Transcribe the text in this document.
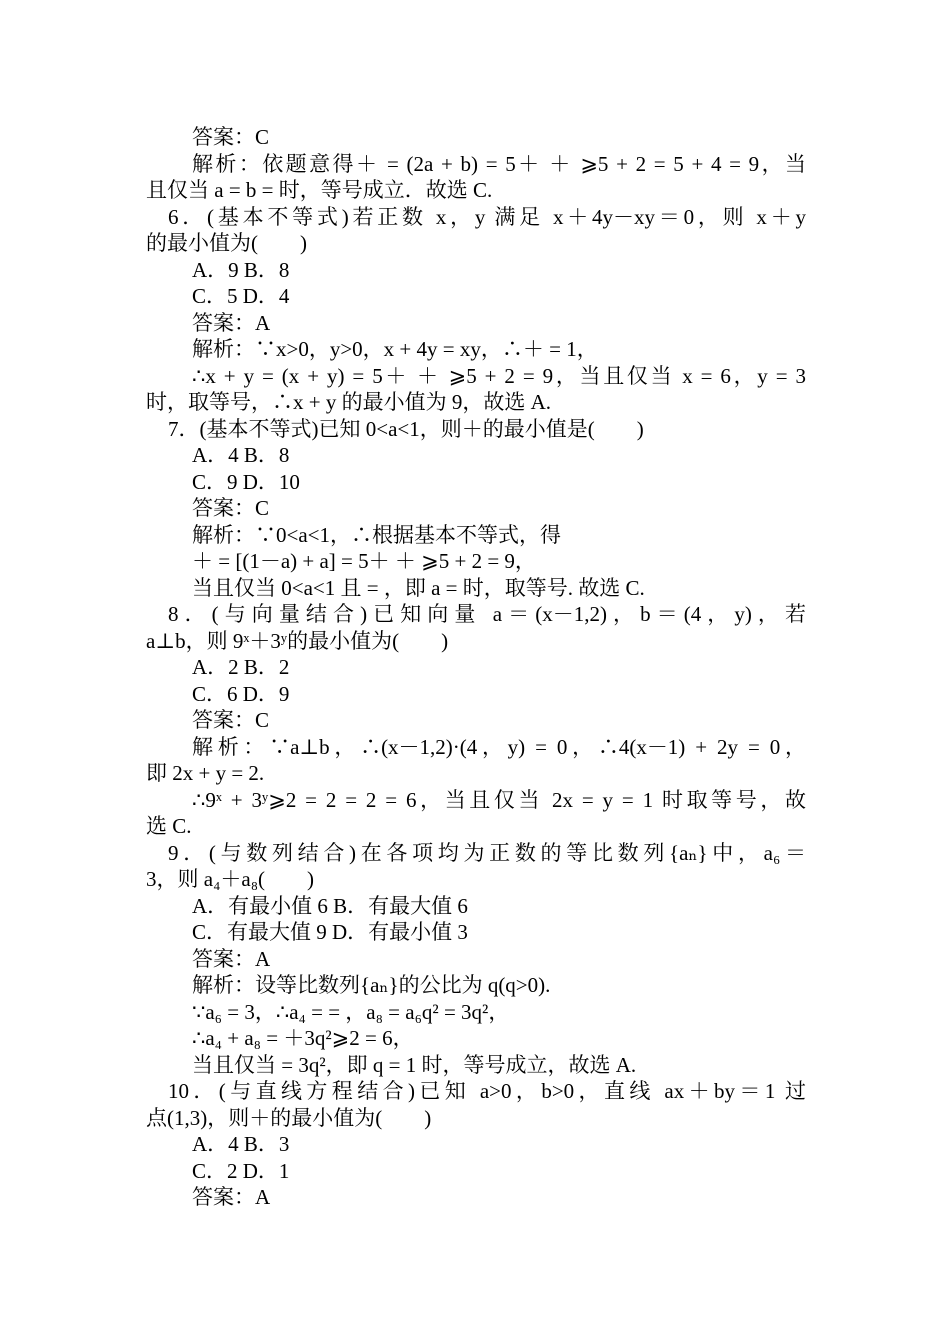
答案：C
解析：依题意得＋ = (2a + b) = 5＋ ＋ ⩾5 + 2 = 5 + 4 = 9，当
且仅当 a = b = 时，等号成立．故选 C.
6．(基本不等式)若正数 x，y 满足 x＋4y－xy＝0，则 x＋y
的最小值为(　　)
A．9 B．8
C．5 D．4
答案：A
解析：∵x>0，y>0，x + 4y = xy，∴＋ = 1，
∴x + y = (x + y) = 5＋ ＋ ⩾5 + 2 = 9，当且仅当 x = 6，y = 3
时，取等号，∴x + y 的最小值为 9，故选 A.
7．(基本不等式)已知 0<a<1，则＋的最小值是(　　)
A．4 B．8
C．9 D．10
答案：C
解析：∵0<a<1，∴根据基本不等式，得
＋ = [(1－a) + a] = 5＋ ＋ ⩾5 + 2 = 9，
当且仅当 0<a<1 且 = ，即 a = 时，取等号. 故选 C.
8．(与向量结合)已知向量 a＝(x－1,2)，b＝(4，y)，若
a⊥b，则 9ˣ＋3ʸ的最小值为(　　)
A．2 B．2
C．6 D．9
答案：C
解析：∵a⊥b，∴(x－1,2)·(4，y) = 0，∴4(x－1) + 2y = 0，
即 2x + y = 2.
∴9ˣ + 3ʸ⩾2 = 2 = 2 = 6，当且仅当 2x = y = 1 时取等号，故
选 C.
9．(与数列结合)在各项均为正数的等比数列{aₙ}中，a₆＝
3，则 a₄＋a₈(　　)
A．有最小值 6 B．有最大值 6
C．有最大值 9 D．有最小值 3
答案：A
解析：设等比数列{aₙ}的公比为 q(q>0).
∵a₆ = 3，∴a₄ = = ，a₈ = a₆q² = 3q²，
∴a₄ + a₈ = ＋3q²⩾2 = 6，
当且仅当 = 3q²，即 q = 1 时，等号成立，故选 A.
10．(与直线方程结合)已知 a>0，b>0，直线 ax＋by＝1 过
点(1,3)，则＋的最小值为(　　)
A．4 B．3
C．2 D．1
答案：A
